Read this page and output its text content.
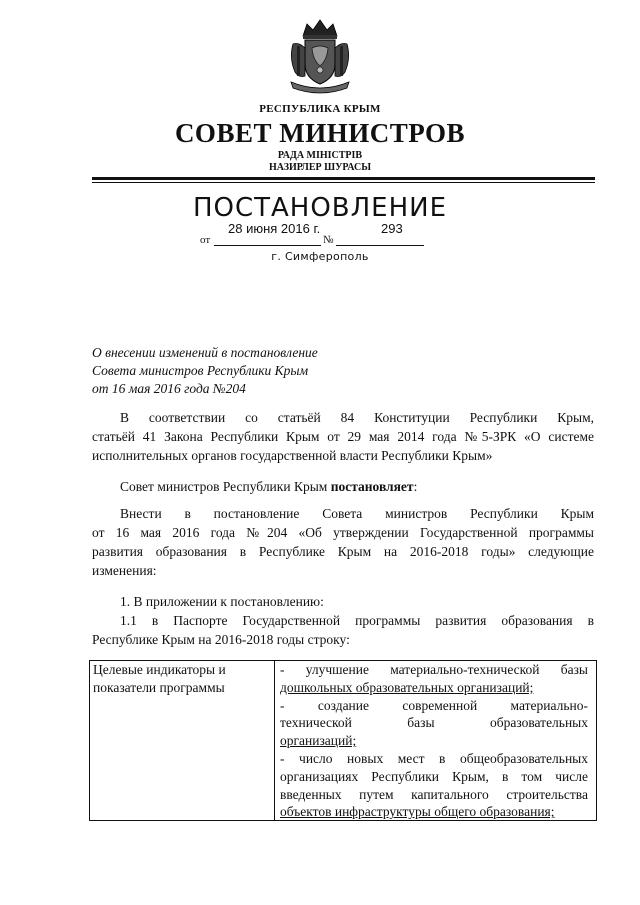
РЕСПУБЛИКА КРЫМ
СОВЕТ МИНИСТРОВ
РАДА МІНІСТРІВ
НАЗИРЛЕР ШУРАСЫ
ПОСТАНОВЛЕНИЕ
от	№
28 июня 2016 г.	293
г. Симферополь
О внесении изменений в постановление
Совета министров Республики Крым
от 16 мая 2016 года №204
В соответствии со статьёй 84 Конституции Республики Крым,
статьёй 41 Закона Республики Крым от 29 мая 2014 года №5-ЗРК «О системе
исполнительных органов государственной власти Республики Крым»
Совет министров Республики Крым постановляет:
Внести в постановление Совета министров Республики Крым
от 16 мая 2016 года №204 «Об утверждении Государственной программы
развития образования в Республике Крым на 2016-2018 годы» следующие
изменения:
1. В приложении к постановлению:
1.1 в Паспорте Государственной программы развития образования в
Республике Крым на 2016-2018 годы строку:
Целевые индикаторы и
показатели программы
- улучшение материально-технической базы
дошкольных образовательных организаций;
- создание современной материально-
технической базы образовательных
организаций;
- число новых мест в общеобразовательных
организациях Республики Крым, в том числе
введенных путем капитального строительства
объектов инфраструктуры общего образования;
